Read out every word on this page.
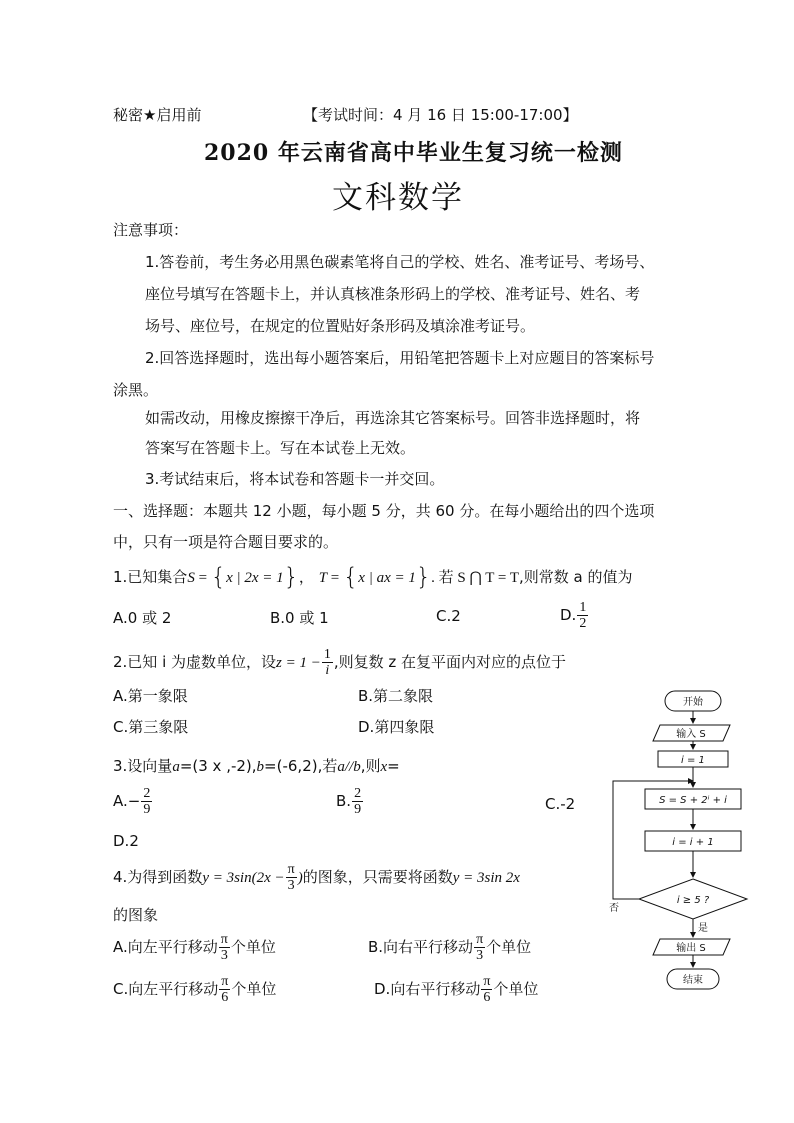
秘密★启用前	【考试时间：4 月 16 日 15:00-17:00】
2020 年云南省高中毕业生复习统一检测
文科数学
注意事项：
1.答卷前，考生务必用黑色碳素笔将自己的学校、姓名、准考证号、考场号、
座位号填写在答题卡上，并认真核准条形码上的学校、准考证号、姓名、考
场号、座位号，在规定的位置贴好条形码及填涂准考证号。
2.回答选择题时，选出每小题答案后，用铅笔把答题卡上对应题目的答案标号
涂黑。
如需改动，用橡皮擦擦干净后，再选涂其它答案标号。回答非选择题时，将
答案写在答题卡上。写在本试卷上无效。
3.考试结束后，将本试卷和答题卡一并交回。
一、选择题：本题共 12 小题，每小题 5 分，共 60 分。在每小题给出的四个选项
中，只有一项是符合题目要求的。
1.已知集合S = {x | 2x = 1}， T = {x | ax = 1}. 若 S ⋂ T = T,则常数 a 的值为
A.0 或 2	B.0 或 1	C.2	D. $\frac{1}{2}$
2.已知 i 为虚数单位，设$z = 1 - \frac{1}{i}$ ,则复数 z 在复平面内对应的点位于
A.第一象限	B.第二象限
C.第三象限	D.第四象限
3.设向量a=(3 x ,-2),b=(-6,2),若a//b,则x=
$A.- \frac{2}{9}$	B. $\frac{2}{9}$	C.-2
D.2
4.为得到函数$y = 3\sin(2x - \frac{\pi}{3}$ )的图象，只需要将函数y = 3sin 2x
的图象
A.向左平行移动 $\frac{\pi}{3}$ 个单位	B.向右平行移动 $\frac{\pi}{3}$ 个单位
C.向左平行移动 $\frac{\pi}{6}$ 个单位	D.向右平行移动 $\frac{\pi}{6}$ 个单位
开始
输入 S
i = 1
S = S + 2ⁱ + i
i = i + 1
i ≥ 5 ?
否
是
输出 S
结束
